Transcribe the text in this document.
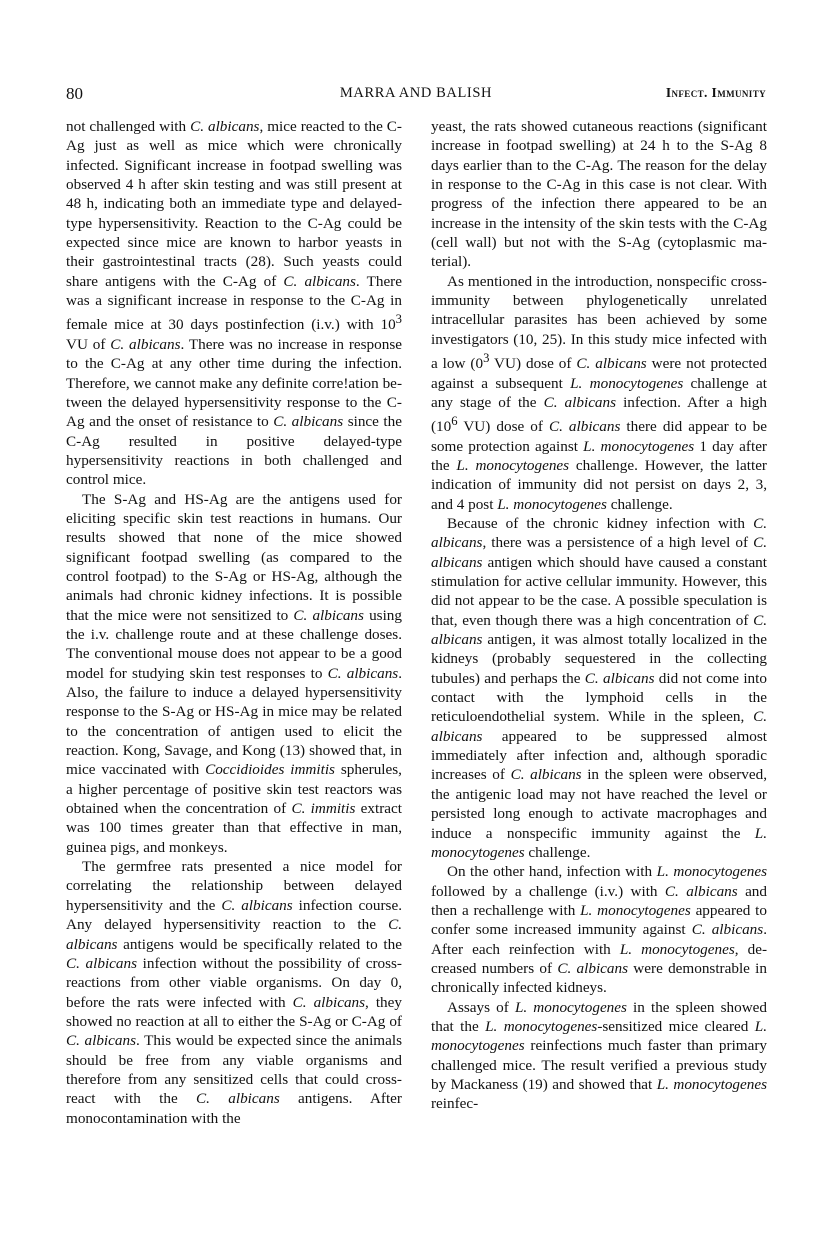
80	MARRA AND BALISH	Infect. Immunity

not challenged with C. albicans, mice reacted to the C-Ag just as well as mice which were chronically infected. Significant increase in footpad swelling was observed 4 h after skin testing and was still present at 48 h, indicating both an immediate type and delayed-type hypersensitivity. Reaction to the C-Ag could be expected since mice are known to harbor yeasts in their gastrointestinal tracts (28). Such yeasts could share antigens with the C-Ag of C. albicans. There was a significant increase in response to the C-Ag in female mice at 30 days postinfection (i.v.) with $10^3$ VU of C. albicans. There was no increase in response to the C-Ag at any other time during the infection. Therefore, we cannot make any definite corre!ation between the delayed hypersensitivity response to the C-Ag and the onset of resistance to C. albicans since the C-Ag resulted in positive delayed-type hypersensitivity reactions in both challenged and control mice.

The S-Ag and HS-Ag are the antigens used for eliciting specific skin test reactions in humans. Our results showed that none of the mice showed significant footpad swelling (as compared to the control footpad) to the S-Ag or HS-Ag, although the animals had chronic kidney infections. It is possible that the mice were not sensitized to C. albicans using the i.v. challenge route and at these challenge doses. The conventional mouse does not appear to be a good model for studying skin test responses to C. albicans. Also, the failure to induce a delayed hypersensitivity response to the S-Ag or HS-Ag in mice may be related to the concentration of antigen used to elicit the reaction. Kong, Savage, and Kong (13) showed that, in mice vaccinated with Coccidioides immitis spherules, a higher percentage of positive skin test reactors was obtained when the concentration of C. immitis extract was 100 times greater than that effective in man, guinea pigs, and monkeys.

The germfree rats presented a nice model for correlating the relationship between delayed hypersensitivity and the C. albicans infection course. Any delayed hypersensitivity reaction to the C. albicans antigens would be specifically related to the C. albicans infection without the possibility of cross-reactions from other viable organisms. On day 0, before the rats were infected with C. albicans, they showed no reaction at all to either the S-Ag or C-Ag of C. albicans. This would be expected since the animals should be free from any viable organisms and therefore from any sensitized cells that could cross-react with the C. albicans antigens. After monocontamination with the

yeast, the rats showed cutaneous reactions (significant increase in footpad swelling) at 24 h to the S-Ag 8 days earlier than to the C-Ag. The reason for the delay in response to the C-Ag in this case is not clear. With progress of the infection there appeared to be an increase in the intensity of the skin tests with the C-Ag (cell wall) but not with the S-Ag (cytoplasmic material).

As mentioned in the introduction, nonspecific cross-immunity between phylogenetically unrelated intracellular parasites has been achieved by some investigators (10, 25). In this study mice infected with a low ($0^3$ VU) dose of C. albicans were not protected against a subsequent L. monocytogenes challenge at any stage of the C. albicans infection. After a high ($10^6$ VU) dose of C. albicans there did appear to be some protection against L. monocytogenes 1 day after the L. monocytogenes challenge. However, the latter indication of immunity did not persist on days 2, 3, and 4 post L. monocytogenes challenge.

Because of the chronic kidney infection with C. albicans, there was a persistence of a high level of C. albicans antigen which should have caused a constant stimulation for active cellular immunity. However, this did not appear to be the case. A possible speculation is that, even though there was a high concentration of C. albicans antigen, it was almost totally localized in the kidneys (probably sequestered in the collecting tubules) and perhaps the C. albicans did not come into contact with the lymphoid cells in the reticuloendothelial system. While in the spleen, C. albicans appeared to be suppressed almost immediately after infection and, although sporadic increases of C. albicans in the spleen were observed, the antigenic load may not have reached the level or persisted long enough to activate macrophages and induce a nonspecific immunity against the L. monocytogenes challenge.

On the other hand, infection with L. monocytogenes followed by a challenge (i.v.) with C. albicans and then a rechallenge with L. monocytogenes appeared to confer some increased immunity against C. albicans. After each reinfection with L. monocytogenes, decreased numbers of C. albicans were demonstrable in chronically infected kidneys.

Assays of L. monocytogenes in the spleen showed that the L. monocytogenes-sensitized mice cleared L. monocytogenes reinfections much faster than primary challenged mice. The result verified a previous study by Mackaness (19) and showed that L. monocytogenes reinfec-
